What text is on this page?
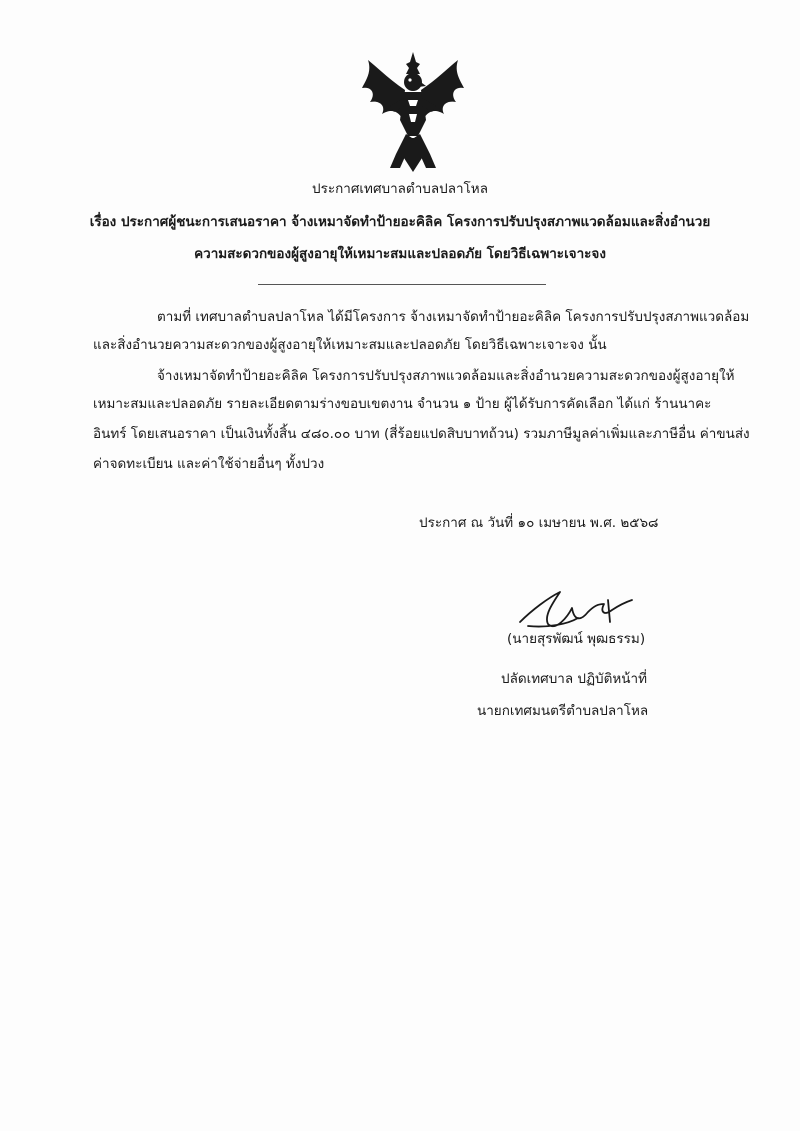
ประกาศเทศบาลตำบลปลาโหล
เรื่อง ประกาศผู้ชนะการเสนอราคา จ้างเหมาจัดทำป้ายอะคิลิค โครงการปรับปรุงสภาพแวดล้อมและสิ่งอำนวย
ความสะดวกของผู้สูงอายุให้เหมาะสมและปลอดภัย โดยวิธีเฉพาะเจาะจง
ตามที่ เทศบาลตำบลปลาโหล ได้มีโครงการ จ้างเหมาจัดทำป้ายอะคิลิค โครงการปรับปรุงสภาพแวดล้อม
และสิ่งอำนวยความสะดวกของผู้สูงอายุให้เหมาะสมและปลอดภัย โดยวิธีเฉพาะเจาะจง นั้น
จ้างเหมาจัดทำป้ายอะคิลิค โครงการปรับปรุงสภาพแวดล้อมและสิ่งอำนวยความสะดวกของผู้สูงอายุให้
เหมาะสมและปลอดภัย รายละเอียดตามร่างขอบเขตงาน จำนวน ๑ ป้าย ผู้ได้รับการคัดเลือก ได้แก่ ร้านนาคะ
อินทร์ โดยเสนอราคา เป็นเงินทั้งสิ้น ๔๘๐.๐๐ บาท (สี่ร้อยแปดสิบบาทถ้วน) รวมภาษีมูลค่าเพิ่มและภาษีอื่น ค่าขนส่ง
ค่าจดทะเบียน และค่าใช้จ่ายอื่นๆ ทั้งปวง
ประกาศ ณ วันที่ ๑๐ เมษายน พ.ศ. ๒๕๖๘
(นายสุรพัฒน์ พุฒธรรม)
ปลัดเทศบาล ปฏิบัติหน้าที่
นายกเทศมนตรีตำบลปลาโหล
